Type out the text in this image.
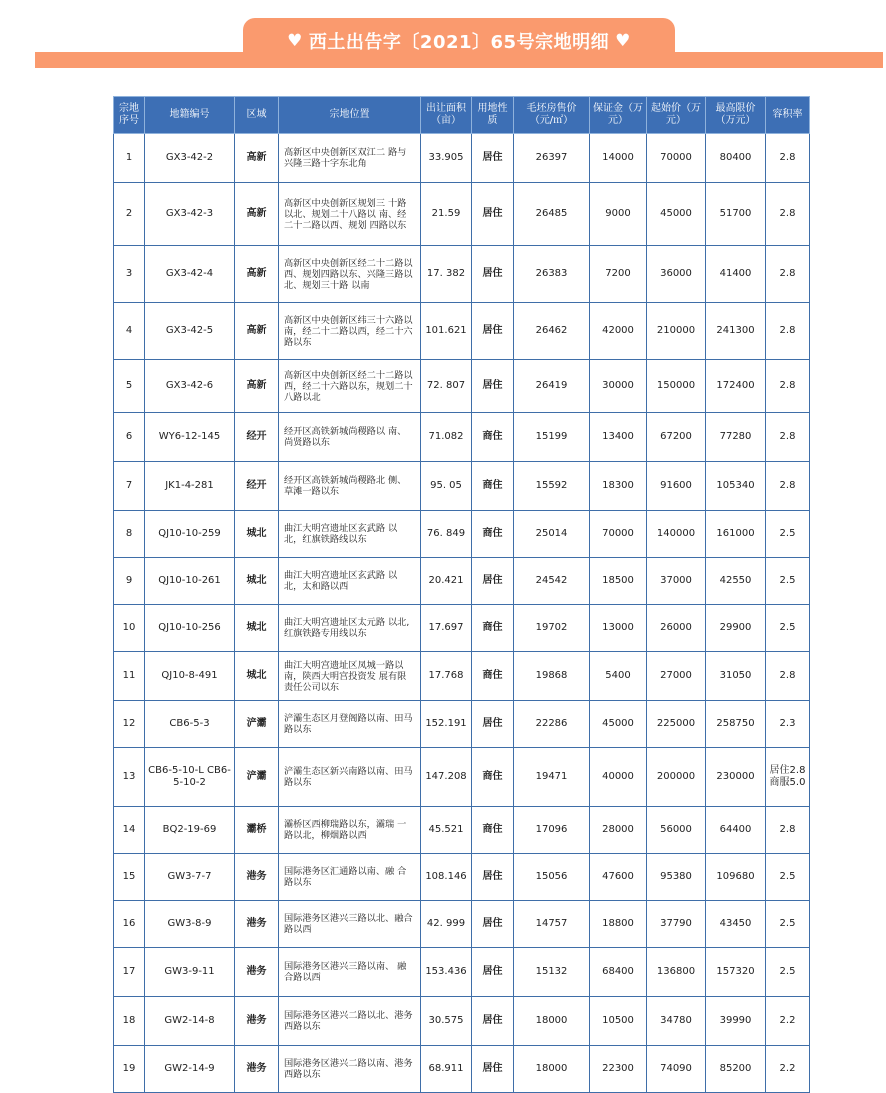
♥ 西土出告字〔2021〕65号宗地明细 ♥
宗地序号	地籍编号	区域	宗地位置	出让面积（亩）	用地性质	毛坯房售价（元/㎡）	保证金（万元）	起始价（万元）	最高限价（万元）	容积率
1	GX3-42-2	高新	高新区中央创新区双江二 路与兴隆三路十字东北角	33.905	居住	26397	14000	70000	80400	2.8
2	GX3-42-3	高新	高新区中央创新区规划三 十路以北、规划二十八路以 南、经二十二路以西、规划 四路以东	21.59	居住	26485	9000	45000	51700	2.8
3	GX3-42-4	高新	高新区中央创新区经二十二路以西、规划四路以东、兴隆三路以北、规划三十路 以南	17. 382	居住	26383	7200	36000	41400	2.8
4	GX3-42-5	高新	高新区中央创新区纬三十六路以南，经二十二路以西，经二十六路以东	101.621	居住	26462	42000	210000	241300	2.8
5	GX3-42-6	高新	高新区中央创新区经二十二路以西，经二十六路以东，规划二十八路以北	72. 807	居住	26419	30000	150000	172400	2.8
6	WY6-12-145	经开	经开区高铁新城尚稷路以 南、尚贤路以东	71.082	商住	15199	13400	67200	77280	2.8
7	JK1-4-281	经开	经开区高铁新城尚稷路北 侧、草滩一路以东	95. 05	商住	15592	18300	91600	105340	2.8
8	QJ10-10-259	城北	曲江大明宫遗址区玄武路 以北，红旗铁路线以东	76. 849	商住	25014	70000	140000	161000	2.5
9	QJ10-10-261	城北	曲江大明宫遗址区玄武路 以北，太和路以西	20.421	居住	24542	18500	37000	42550	2.5
10	QJ10-10-256	城北	曲江大明宫遗址区太元路 以北,红旗铁路专用线以东	17.697	商住	19702	13000	26000	29900	2.5
11	QJ10-8-491	城北	曲江大明宫遗址区凤城一路以南，陕西大明宫投资发 展有限责任公司以东	17.768	商住	19868	5400	27000	31050	2.8
12	CB6-5-3	浐灞	浐灞生态区月登阁路以南、田马路以东	152.191	居住	22286	45000	225000	258750	2.3
13	CB6-5-10-L CB6-5-10-2	浐灞	浐灞生态区新兴南路以南、田马路以东	147.208	商住	19471	40000	200000	230000	居住2.8 商服5.0
14	BQ2-19-69	灞桥	灞桥区西柳瑞路以东，灞瑞 一路以北，柳烟路以西	45.521	商住	17096	28000	56000	64400	2.8
15	GW3-7-7	港务	国际港务区汇通路以南、融 合路以东	108.146	居住	15056	47600	95380	109680	2.5
16	GW3-8-9	港务	国际港务区港兴三路以北、融合路以西	42. 999	居住	14757	18800	37790	43450	2.5
17	GW3-9-11	港务	国际港务区港兴三路以南、 融合路以西	153.436	居住	15132	68400	136800	157320	2.5
18	GW2-14-8	港务	国际港务区港兴二路以北、港务西路以东	30.575	居住	18000	10500	34780	39990	2.2
19	GW2-14-9	港务	国际港务区港兴二路以南、港务西路以东	68.911	居住	18000	22300	74090	85200	2.2
